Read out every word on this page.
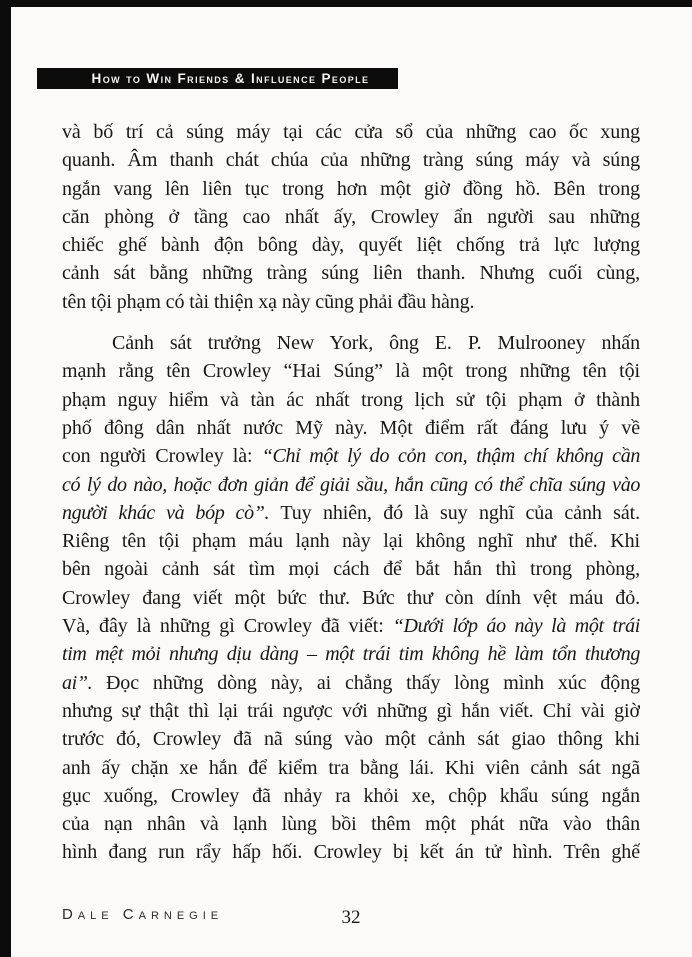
How to Win Friends & Influence People
và bố trí cả súng máy tại các cửa sổ của những cao ốc xung
quanh. Âm thanh chát chúa của những tràng súng máy và súng
ngắn vang lên liên tục trong hơn một giờ đồng hồ. Bên trong
căn phòng ở tầng cao nhất ấy, Crowley ẩn người sau những
chiếc ghế bành độn bông dày, quyết liệt chống trả lực lượng
cảnh sát bằng những tràng súng liên thanh. Nhưng cuối cùng,
tên tội phạm có tài thiện xạ này cũng phải đầu hàng.
Cảnh sát trưởng New York, ông E. P. Mulrooney nhấn
mạnh rằng tên Crowley “Hai Súng” là một trong những tên tội
phạm nguy hiểm và tàn ác nhất trong lịch sử tội phạm ở thành
phố đông dân nhất nước Mỹ này. Một điểm rất đáng lưu ý về
con người Crowley là: “Chỉ một lý do cỏn con, thậm chí không cần
có lý do nào, hoặc đơn giản để giải sầu, hắn cũng có thể chĩa súng vào
người khác và bóp cò”. Tuy nhiên, đó là suy nghĩ của cảnh sát.
Riêng tên tội phạm máu lạnh này lại không nghĩ như thế. Khi
bên ngoài cảnh sát tìm mọi cách để bắt hắn thì trong phòng,
Crowley đang viết một bức thư. Bức thư còn dính vệt máu đỏ.
Và, đây là những gì Crowley đã viết: “Dưới lớp áo này là một trái
tim mệt mỏi nhưng dịu dàng – một trái tim không hề làm tổn thương
ai”. Đọc những dòng này, ai chẳng thấy lòng mình xúc động
nhưng sự thật thì lại trái ngược với những gì hắn viết. Chỉ vài giờ
trước đó, Crowley đã nã súng vào một cảnh sát giao thông khi
anh ấy chặn xe hắn để kiểm tra bằng lái. Khi viên cảnh sát ngã
gục xuống, Crowley đã nhảy ra khỏi xe, chộp khẩu súng ngắn
của nạn nhân và lạnh lùng bồi thêm một phát nữa vào thân
hình đang run rẩy hấp hối. Crowley bị kết án tử hình. Trên ghế
Dale Carnegie	32
